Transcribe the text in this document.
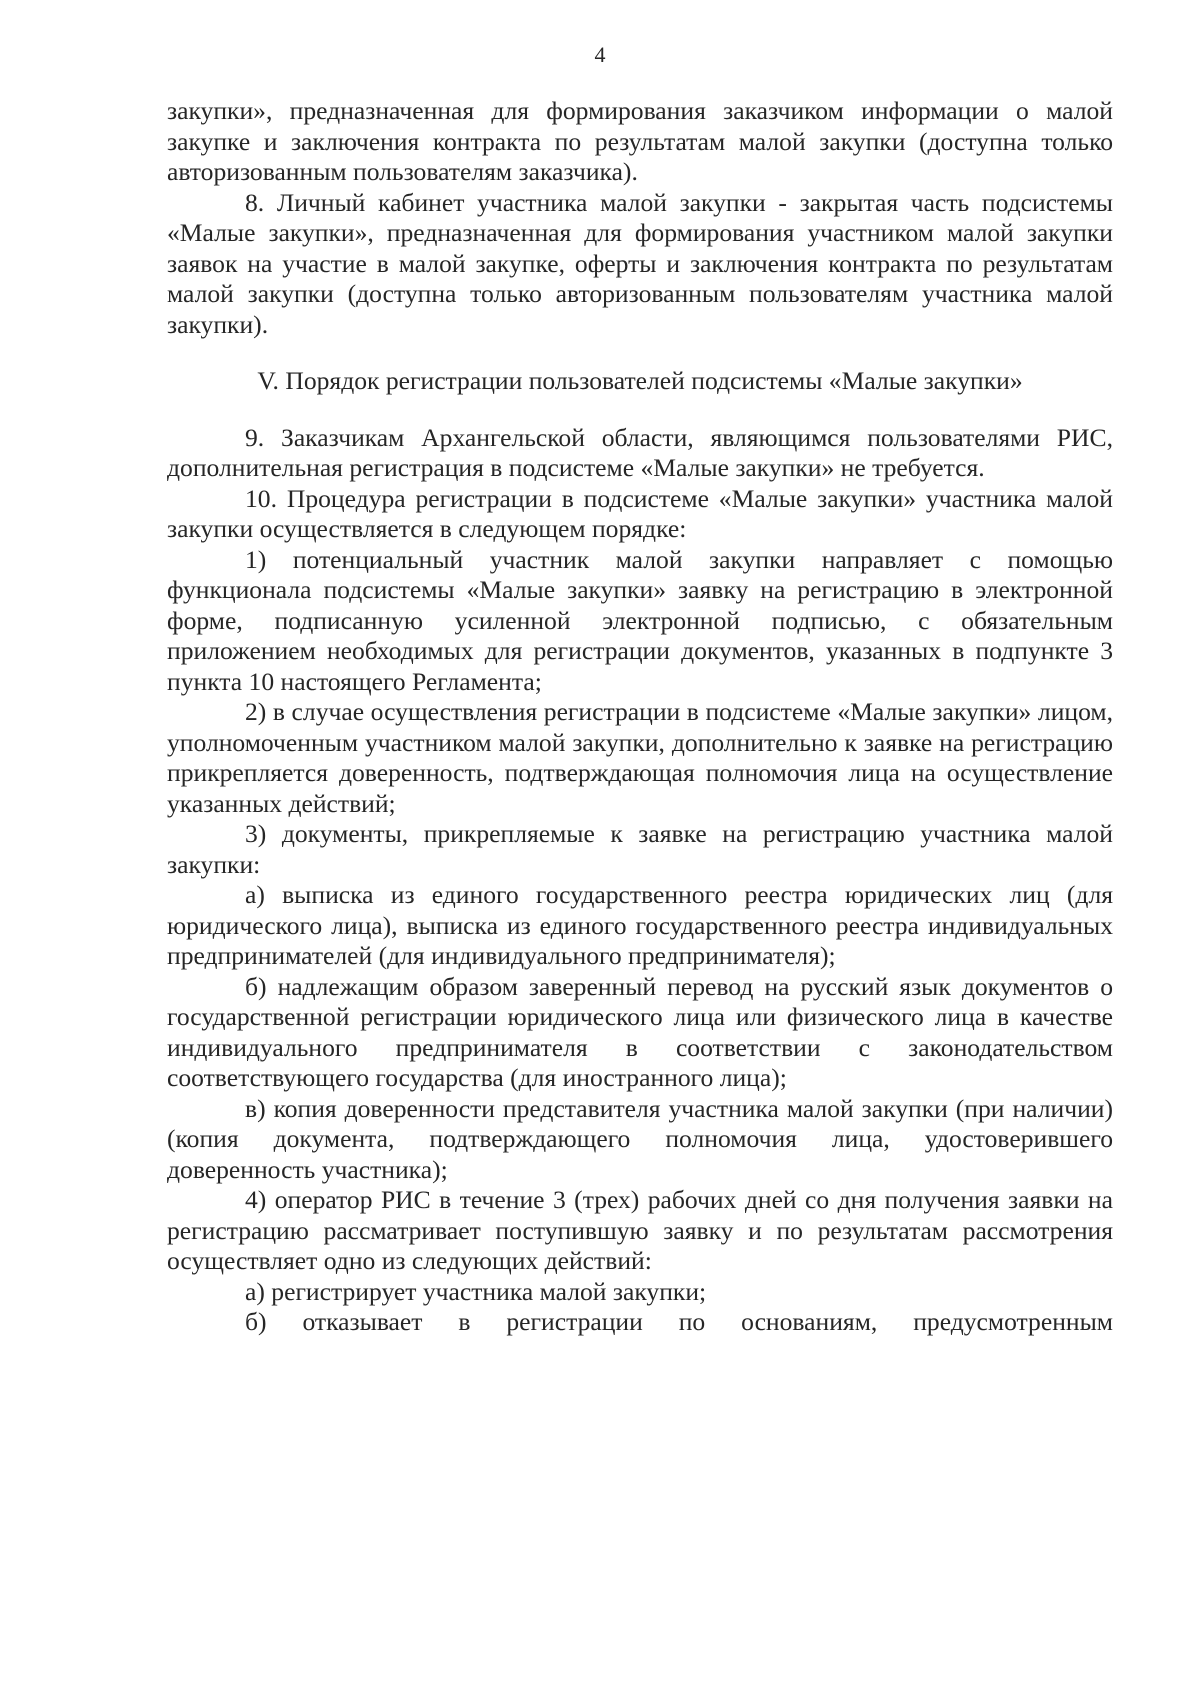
4

закупки», предназначенная для формирования заказчиком информации о малой закупке и заключения контракта по результатам малой закупки (доступна только авторизованным пользователям заказчика).

8. Личный кабинет участника малой закупки - закрытая часть подсистемы «Малые закупки», предназначенная для формирования участником малой закупки заявок на участие в малой закупке, оферты и заключения контракта по результатам малой закупки (доступна только авторизованным пользователям участника малой закупки).

V. Порядок регистрации пользователей подсистемы «Малые закупки»

9. Заказчикам Архангельской области, являющимся пользователями РИС, дополнительная регистрация в подсистеме «Малые закупки» не требуется.

10. Процедура регистрации в подсистеме «Малые закупки» участника малой закупки осуществляется в следующем порядке:

1) потенциальный участник малой закупки направляет с помощью функционала подсистемы «Малые закупки» заявку на регистрацию в электронной форме, подписанную усиленной электронной подписью, с обязательным приложением необходимых для регистрации документов, указанных в подпункте 3 пункта 10 настоящего Регламента;

2) в случае осуществления регистрации в подсистеме «Малые закупки» лицом, уполномоченным участником малой закупки, дополнительно к заявке на регистрацию прикрепляется доверенность, подтверждающая полномочия лица на осуществление указанных действий;

3) документы, прикрепляемые к заявке на регистрацию участника малой закупки:

а) выписка из единого государственного реестра юридических лиц (для юридического лица), выписка из единого государственного реестра индивидуальных предпринимателей (для индивидуального предпринимателя);

б) надлежащим образом заверенный перевод на русский язык документов о государственной регистрации юридического лица или физического лица в качестве индивидуального предпринимателя в соответствии с законодательством соответствующего государства (для иностранного лица);

в) копия доверенности представителя участника малой закупки (при наличии) (копия документа, подтверждающего полномочия лица, удостоверившего доверенность участника);

4) оператор РИС в течение 3 (трех) рабочих дней со дня получения заявки на регистрацию рассматривает поступившую заявку и по результатам рассмотрения осуществляет одно из следующих действий:

а) регистрирует участника малой закупки;

б) отказывает в регистрации по основаниям, предусмотренным
